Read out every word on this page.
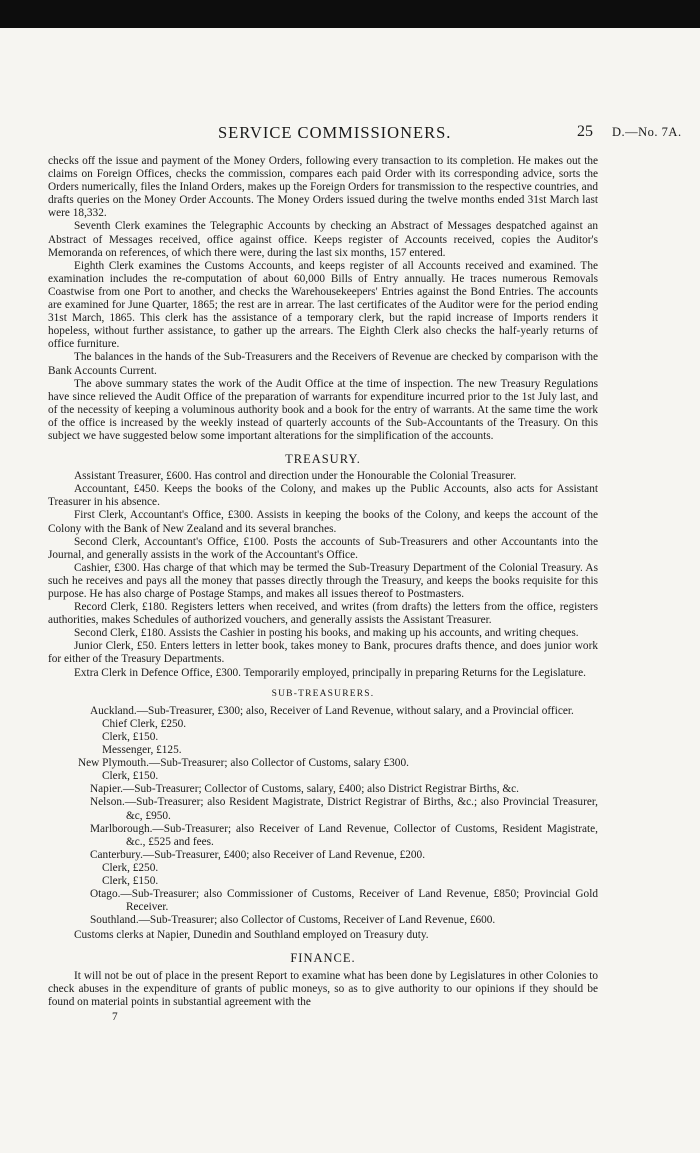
SERVICE COMMISSIONERS.	25 D.—No. 7A.

checks off the issue and payment of the Money Orders, following every transaction to its completion. He makes out the claims on Foreign Offices, checks the commission, compares each paid Order with its corresponding advice, sorts the Orders numerically, files the Inland Orders, makes up the Foreign Orders for transmission to the respective countries, and drafts queries on the Money Order Accounts. The Money Orders issued during the twelve months ended 31st March last were 18,332.

Seventh Clerk examines the Telegraphic Accounts by checking an Abstract of Messages despatched against an Abstract of Messages received, office against office. Keeps register of Accounts received, copies the Auditor's Memoranda on references, of which there were, during the last six months, 157 entered.

Eighth Clerk examines the Customs Accounts, and keeps register of all Accounts received and examined. The examination includes the re-computation of about 60,000 Bills of Entry annually. He traces numerous Removals Coastwise from one Port to another, and checks the Warehousekeepers' Entries against the Bond Entries. The accounts are examined for June Quarter, 1865; the rest are in arrear. The last certificates of the Auditor were for the period ending 31st March, 1865. This clerk has the assistance of a temporary clerk, but the rapid increase of Imports renders it hopeless, without further assistance, to gather up the arrears. The Eighth Clerk also checks the half-yearly returns of office furniture.

The balances in the hands of the Sub-Treasurers and the Receivers of Revenue are checked by comparison with the Bank Accounts Current.

The above summary states the work of the Audit Office at the time of inspection. The new Treasury Regulations have since relieved the Audit Office of the preparation of warrants for expenditure incurred prior to the 1st July last, and of the necessity of keeping a voluminous authority book and a book for the entry of warrants. At the same time the work of the office is increased by the weekly instead of quarterly accounts of the Sub-Accountants of the Treasury. On this subject we have suggested below some important alterations for the simplification of the accounts.

TREASURY.

Assistant Treasurer, £600. Has control and direction under the Honourable the Colonial Treasurer.

Accountant, £450. Keeps the books of the Colony, and makes up the Public Accounts, also acts for Assistant Treasurer in his absence.

First Clerk, Accountant's Office, £300. Assists in keeping the books of the Colony, and keeps the account of the Colony with the Bank of New Zealand and its several branches.

Second Clerk, Accountant's Office, £100. Posts the accounts of Sub-Treasurers and other Accountants into the Journal, and generally assists in the work of the Accountant's Office.

Cashier, £300. Has charge of that which may be termed the Sub-Treasury Department of the Colonial Treasury. As such he receives and pays all the money that passes directly through the Treasury, and keeps the books requisite for this purpose. He has also charge of Postage Stamps, and makes all issues thereof to Postmasters.

Record Clerk, £180. Registers letters when received, and writes (from drafts) the letters from the office, registers authorities, makes Schedules of authorized vouchers, and generally assists the Assistant Treasurer.

Second Clerk, £180. Assists the Cashier in posting his books, and making up his accounts, and writing cheques.

Junior Clerk, £50. Enters letters in letter book, takes money to Bank, procures drafts thence, and does junior work for either of the Treasury Departments.

Extra Clerk in Defence Office, £300. Temporarily employed, principally in preparing Returns for the Legislature.

SUB-TREASURERS.

Auckland.—Sub-Treasurer, £300; also, Receiver of Land Revenue, without salary, and a Provincial officer.

Chief Clerk, £250.

Clerk, £150.

Messenger, £125.

New Plymouth.—Sub-Treasurer; also Collector of Customs, salary £300.

Clerk, £150.

Napier.—Sub-Treasurer; Collector of Customs, salary, £400; also District Registrar Births, &c.

Nelson.—Sub-Treasurer; also Resident Magistrate, District Registrar of Births, &c.; also Provincial Treasurer, &c, £950.

Marlborough.—Sub-Treasurer; also Receiver of Land Revenue, Collector of Customs, Resident Magistrate, &c., £525 and fees.

Canterbury.—Sub-Treasurer, £400; also Receiver of Land Revenue, £200.

Clerk, £250.

Clerk, £150.

Otago.—Sub-Treasurer; also Commissioner of Customs, Receiver of Land Revenue, £850; Provincial Gold Receiver.

Southland.—Sub-Treasurer; also Collector of Customs, Receiver of Land Revenue, £600.

Customs clerks at Napier, Dunedin and Southland employed on Treasury duty.

FINANCE.

It will not be out of place in the present Report to examine what has been done by Legislatures in other Colonies to check abuses in the expenditure of grants of public moneys, so as to give authority to our opinions if they should be found on material points in substantial agreement with the

7
